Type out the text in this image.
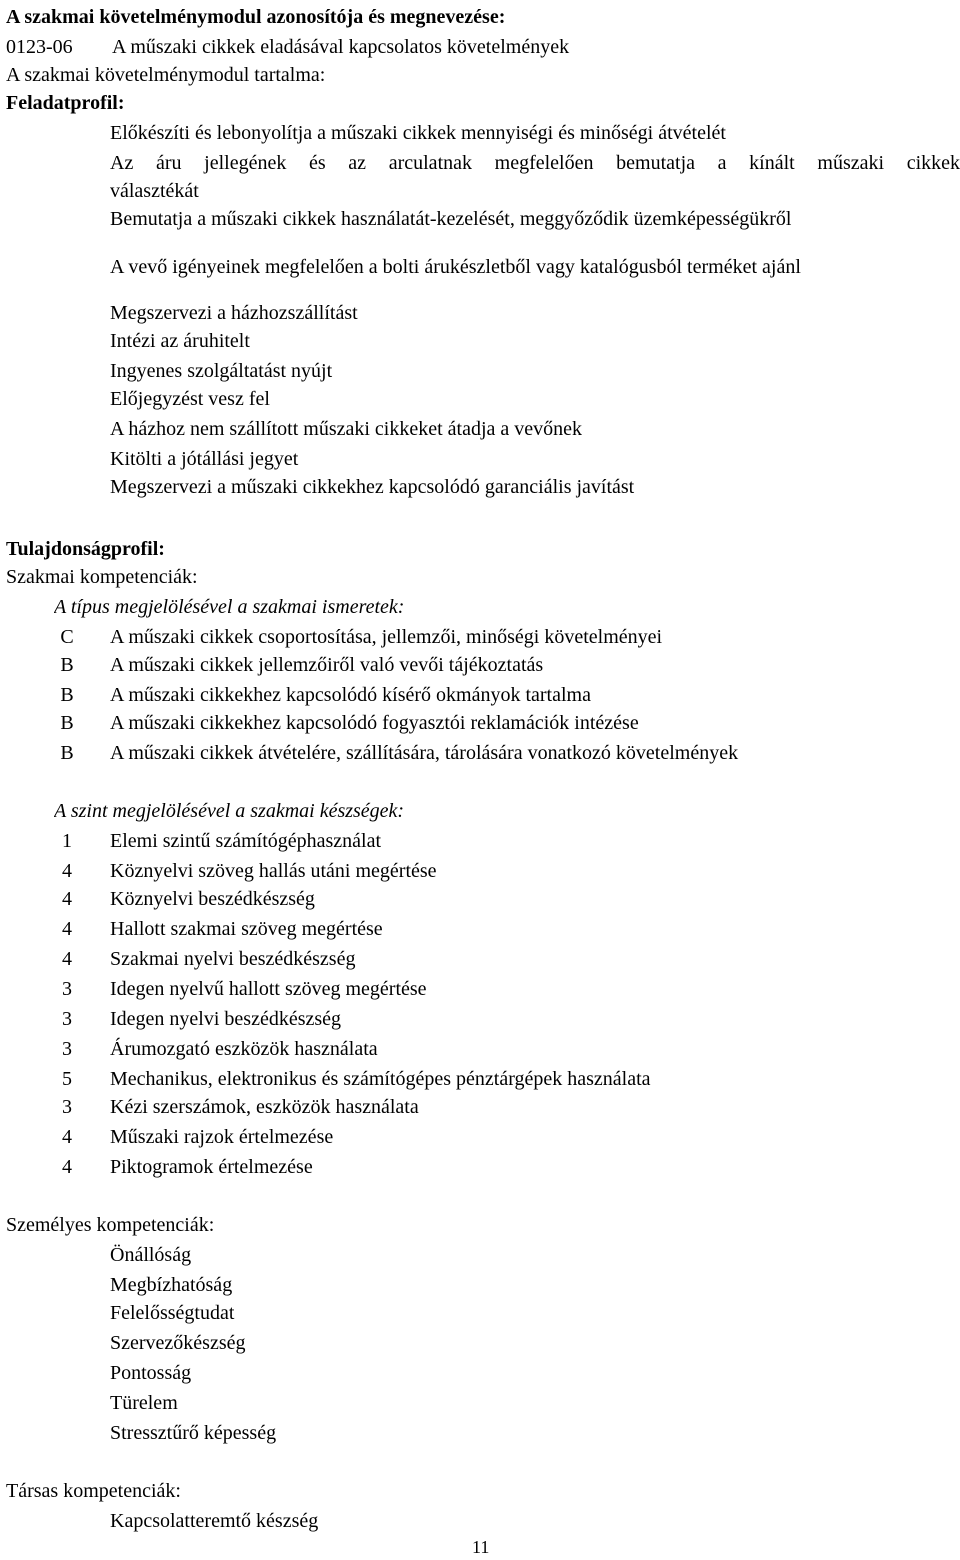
A szakmai követelménymodul azonosítója és megnevezése:
0123-06 A műszaki cikkek eladásával kapcsolatos követelmények
A szakmai követelménymodul tartalma:
Feladatprofil:
Előkészíti és lebonyolítja a műszaki cikkek mennyiségi és minőségi átvételét
Az áru jellegének és az arculatnak megfelelően bemutatja a kínált műszaki cikkek
választékát
Bemutatja a műszaki cikkek használatát-kezelését, meggyőződik üzemképességükről
A vevő igényeinek megfelelően a bolti árukészletből vagy katalógusból terméket ajánl
Megszervezi a házhozszállítást
Intézi az áruhitelt
Ingyenes szolgáltatást nyújt
Előjegyzést vesz fel
A házhoz nem szállított műszaki cikkeket átadja a vevőnek
Kitölti a jótállási jegyet
Megszervezi a műszaki cikkekhez kapcsolódó garanciális javítást
Tulajdonságprofil:
Szakmai kompetenciák:
A típus megjelölésével a szakmai ismeretek:
C	A műszaki cikkek csoportosítása, jellemzői, minőségi követelményei
B	A műszaki cikkek jellemzőiről való vevői tájékoztatás
B	A műszaki cikkekhez kapcsolódó kísérő okmányok tartalma
B	A műszaki cikkekhez kapcsolódó fogyasztói reklamációk intézése
B	A műszaki cikkek átvételére, szállítására, tárolására vonatkozó követelmények
A szint megjelölésével a szakmai készségek:
1	Elemi szintű számítógéphasználat
4	Köznyelvi szöveg hallás utáni megértése
4	Köznyelvi beszédkészség
4	Hallott szakmai szöveg megértése
4	Szakmai nyelvi beszédkészség
3	Idegen nyelvű hallott szöveg megértése
3	Idegen nyelvi beszédkészség
3	Árumozgató eszközök használata
5	Mechanikus, elektronikus és számítógépes pénztárgépek használata
3	Kézi szerszámok, eszközök használata
4	Műszaki rajzok értelmezése
4	Piktogramok értelmezése
Személyes kompetenciák:
Önállóság
Megbízhatóság
Felelősségtudat
Szervezőkészség
Pontosság
Türelem
Stressztűrő képesség
Társas kompetenciák:
Kapcsolatteremtő készség
11
